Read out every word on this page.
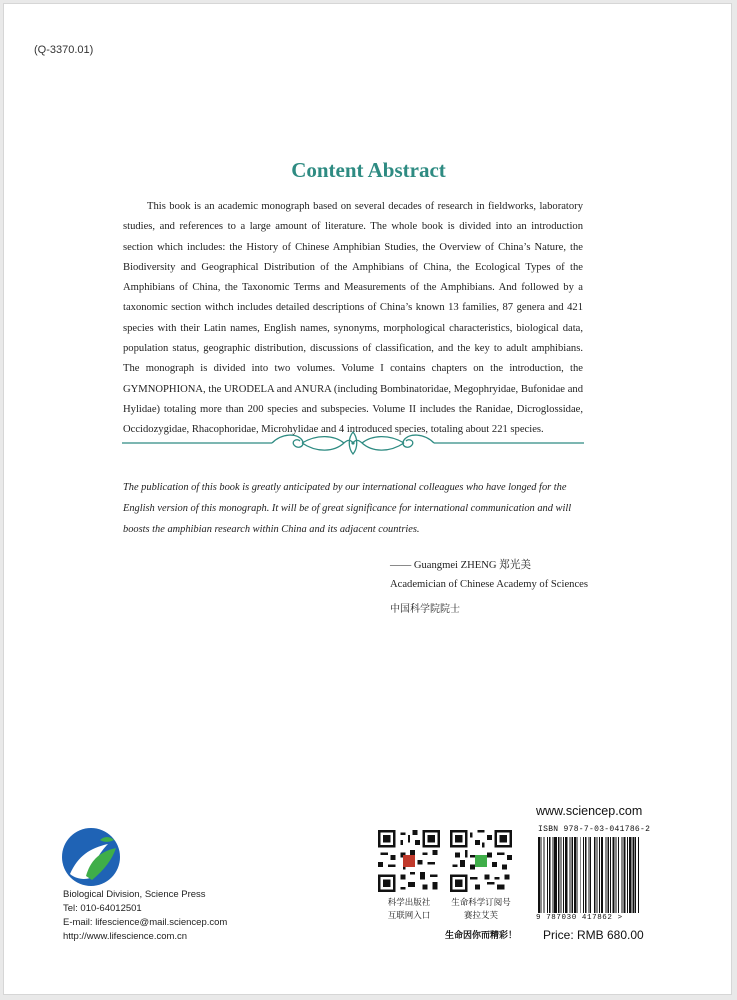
(Q-3370.01)
Content Abstract

This book is an academic monograph based on several decades of research in fieldworks, laboratory studies, and references to a large amount of literature. The whole book is divided into an introduction section which includes: the History of Chinese Amphibian Studies, the Overview of China’s Nature, the Biodiversity and Geographical Distribution of the Amphibians of China, the Ecological Types of the Amphibians of China, the Taxonomic Terms and Measurements of the Amphibians. And followed by a taxonomic section withch includes detailed descriptions of China’s known 13 families, 87 genera and 421 species with their Latin names, English names, synonyms, morphological characteristics, biological data, population status, geographic distribution, discussions of classification, and the key to adult amphibians. The monograph is divided into two volumes. Volume I contains chapters on the introduction, the GYMNOPHIONA, the URODELA and ANURA (including Bombinatoridae, Megophryidae, Bufonidae and Hylidae) totaling more than 200 species and subspecies. Volume II includes the Ranidae, Dicroglossidae, Occidozygidae, Rhacophoridae, Microhylidae and 4 introduced species, totaling about 221 species.

The publication of this book is greatly anticipated by our international colleagues who have longed for the English version of this monograph. It will be of great significance for international communication and will boosts the amphibian research within China and its adjacent countries.

—— Guangmei ZHENG 郑光美
Academician of Chinese Academy of Sciences
中国科学院院士
www.sciencep.com
Biological Division, Science Press
Tel: 010-64012501
E-mail: lifescience@mail.sciencep.com
http://www.lifescience.com.cn
科学出版社
互联网入口
生命科学订阅号
赛拉艾芙
生命因你而精彩！
ISBN 978-7-03-041786-2
9 787030 417862 >
Price: RMB 680.00
